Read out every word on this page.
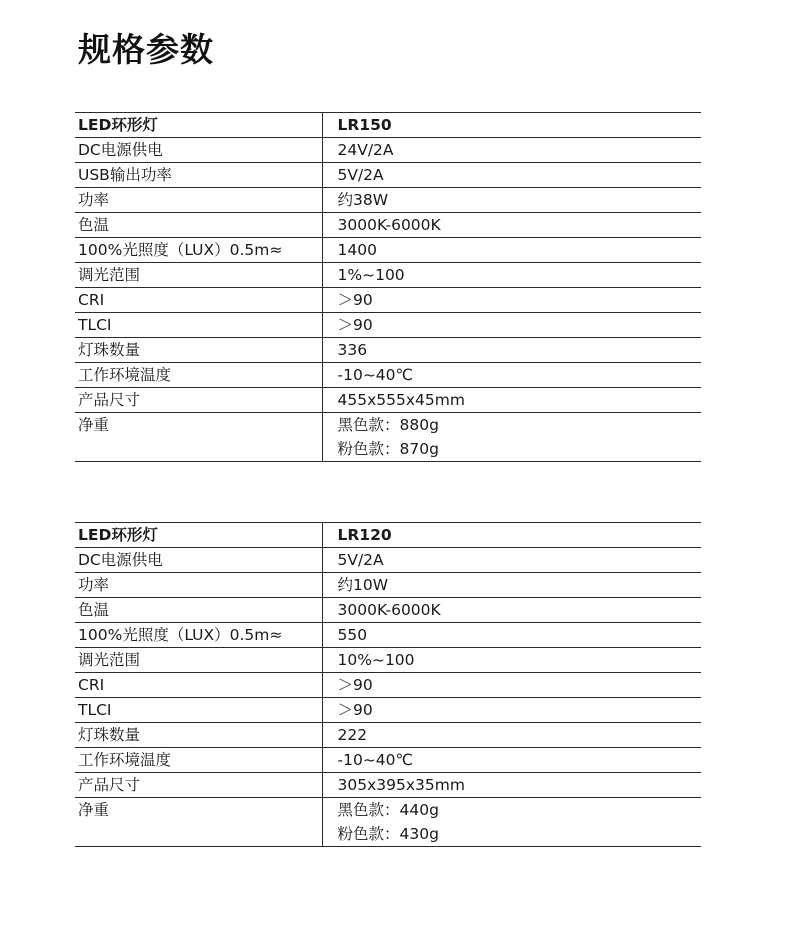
规格参数
LED环形灯	LR150
DC电源供电	24V/2A
USB输出功率	5V/2A
功率	约38W
色温	3000K-6000K
100%光照度（LUX）0.5m≈	1400
调光范围	1%~100
CRI	＞90
TLCI	＞90
灯珠数量	336
工作环境温度	-10~40℃
产品尺寸	455x555x45mm
净重	黑色款：880g
粉色款：870g
LED环形灯	LR120
DC电源供电	5V/2A
功率	约10W
色温	3000K-6000K
100%光照度（LUX）0.5m≈	550
调光范围	10%~100
CRI	＞90
TLCI	＞90
灯珠数量	222
工作环境温度	-10~40℃
产品尺寸	305x395x35mm
净重	黑色款：440g
粉色款：430g
